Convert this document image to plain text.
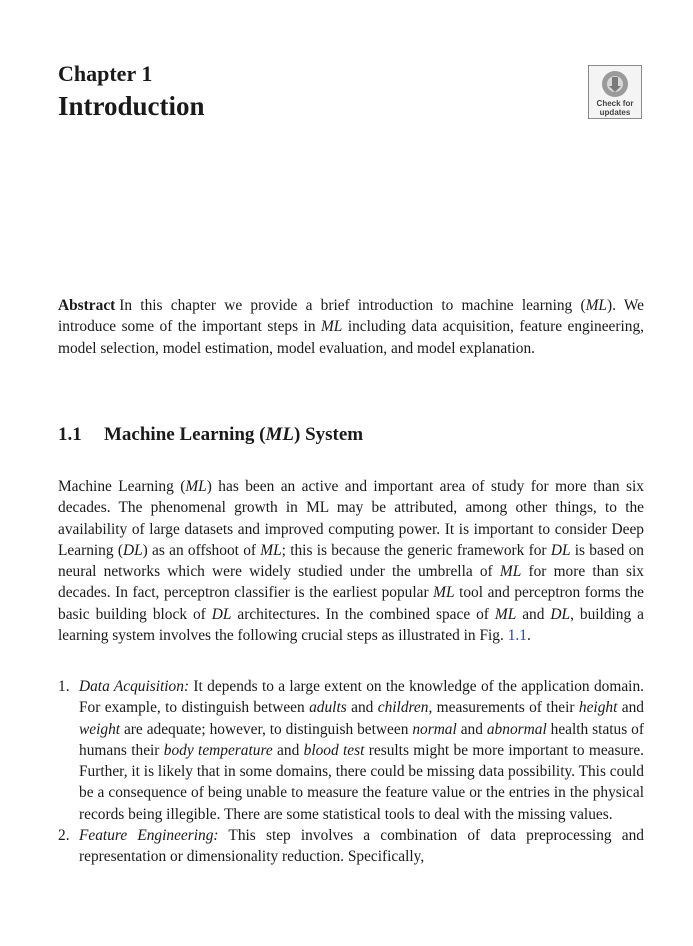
Chapter 1
Introduction	Check for
updates

Abstract In this chapter we provide a brief introduction to machine learning (ML). We introduce some of the important steps in ML including data acquisition, feature engineering, model selection, model estimation, model evaluation, and model explanation.

1.1 Machine Learning (ML) System

Machine Learning (ML) has been an active and important area of study for more than six decades. The phenomenal growth in ML may be attributed, among other things, to the availability of large datasets and improved computing power. It is important to consider Deep Learning (DL) as an offshoot of ML; this is because the generic framework for DL is based on neural networks which were widely studied under the umbrella of ML for more than six decades. In fact, perceptron classifier is the earliest popular ML tool and perceptron forms the basic building block of DL architectures. In the combined space of ML and DL, building a learning system involves the following crucial steps as illustrated in Fig. 1.1.

1. Data Acquisition: It depends to a large extent on the knowledge of the application domain. For example, to distinguish between adults and children, measurements of their height and weight are adequate; however, to distinguish between normal and abnormal health status of humans their body temperature and blood test results might be more important to measure. Further, it is likely that in some domains, there could be missing data possibility. This could be a consequence of being unable to measure the feature value or the entries in the physical records being illegible. There are some statistical tools to deal with the missing values.
2. Feature Engineering: This step involves a combination of data preprocessing and representation or dimensionality reduction. Specifically,
